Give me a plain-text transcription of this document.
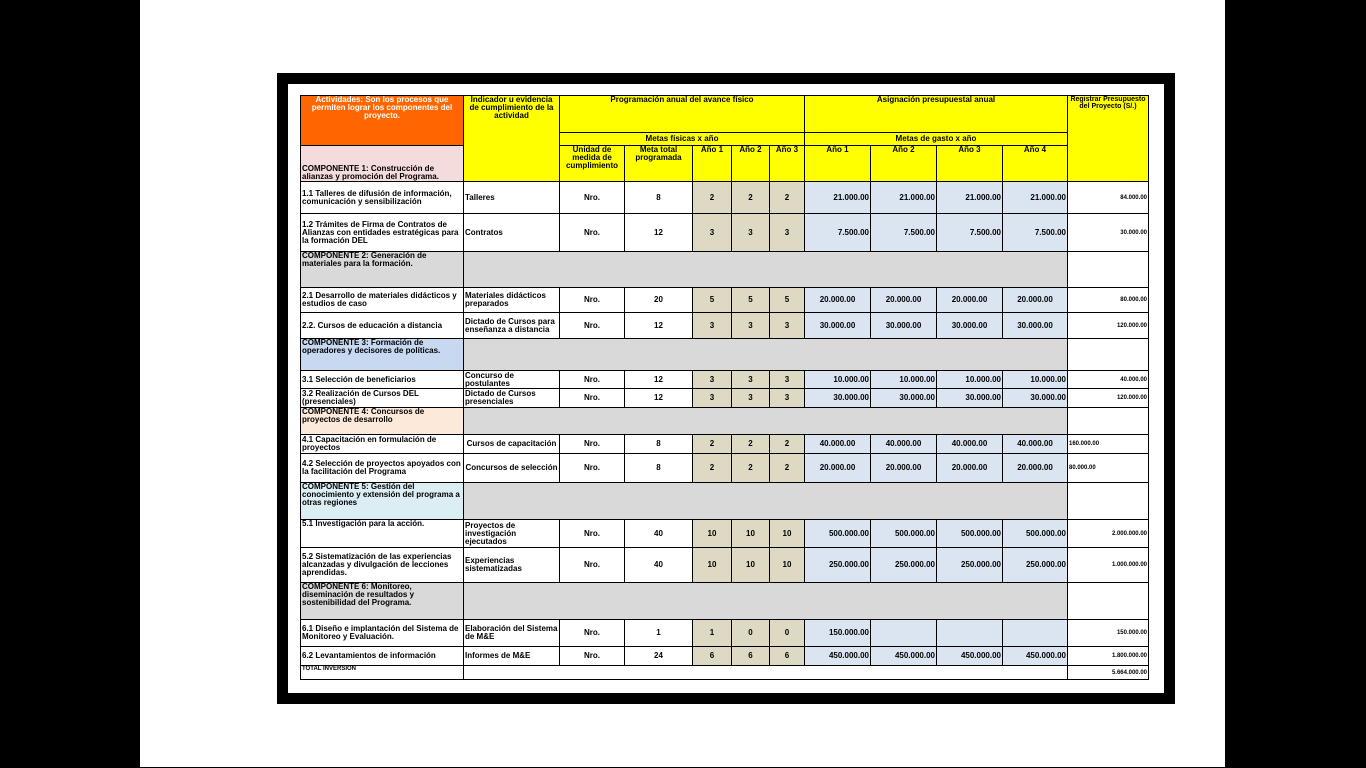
Actividades: Son los procesos que permiten lograr los componentes del proyecto.	Indicador u evidencia de cumplimiento de la actividad	Programación anual del avance físico					Asignación presupuestal anual				Registrar Presupuesto del Proyecto (S/.)
		Metas físicas x año					Metas de gasto x año				
COMPONENTE 1: Construcción de alianzas y promoción del Programa.		Unidad de medida de cumplimiento	Meta total programada	Año 1	Año 2	Año 3	Año 1	Año 2	Año 3	Año 4	
1.1 Talleres de difusión de información, comunicación y sensibilización	Talleres	Nro.	8	2	2	2	21.000.00	21.000.00	21.000.00	21.000.00	84.000.00
1.2 Trámites de Firma de Contratos de Alianzas con entidades estratégicas para la formación DEL	Contratos	Nro.	12	3	3	3	7.500.00	7.500.00	7.500.00	7.500.00	30.000.00
COMPONENTE 2: Generación de materiales para la formación.											
2.1 Desarrollo de materiales didácticos y estudios de caso	Materiales didácticos preparados	Nro.	20	5	5	5	20.000.00	20.000.00	20.000.00	20.000.00	80.000.00
2.2. Cursos de educación a distancia	Dictado de Cursos para enseñanza a distancia	Nro.	12	3	3	3	30.000.00	30.000.00	30.000.00	30.000.00	120.000.00
COMPONENTE 3: Formación de operadores y decisores de políticas.											
3.1 Selección de beneficiarios	Concurso de postulantes	Nro.	12	3	3	3	10.000.00	10.000.00	10.000.00	10.000.00	40.000.00
3.2 Realización de Cursos DEL (presenciales)	Dictado de Cursos presenciales	Nro.	12	3	3	3	30.000.00	30.000.00	30.000.00	30.000.00	120.000.00
COMPONENTE 4: Concursos de proyectos de desarrollo											
4.1 Capacitación en formulación de proyectos	Cursos de capacitación	Nro.	8	2	2	2	40.000.00	40.000.00	40.000.00	40.000.00	160.000.00
4.2 Selección de proyectos apoyados con la facilitación del Programa	Concursos de selección	Nro.	8	2	2	2	20.000.00	20.000.00	20.000.00	20.000.00	80.000.00
COMPONENTE 5: Gestión del conocimiento y extensión del programa a otras regiones											
5.1 Investigación para la acción.	Proyectos de investigación ejecutados	Nro.	40	10	10	10	500.000.00	500.000.00	500.000.00	500.000.00	2.000.000.00
5.2 Sistematización de las experiencias alcanzadas y divulgación de lecciones aprendidas.	Experiencias sistematizadas	Nro.	40	10	10	10	250.000.00	250.000.00	250.000.00	250.000.00	1.000.000.00
COMPONENTE 6: Monitoreo, diseminación de resultados y sostenibilidad del Programa.											
6.1 Diseño e implantación del Sistema de Monitoreo y Evaluación.	Elaboración del Sistema de M&E	Nro.	1	1	0	0	150.000.00				150.000.00
6.2 Levantamientos de información	Informes de M&E	Nro.	24	6	6	6	450.000.00	450.000.00	450.000.00	450.000.00	1.800.000.00
TOTAL INVERSIÓN											5.664.000.00
